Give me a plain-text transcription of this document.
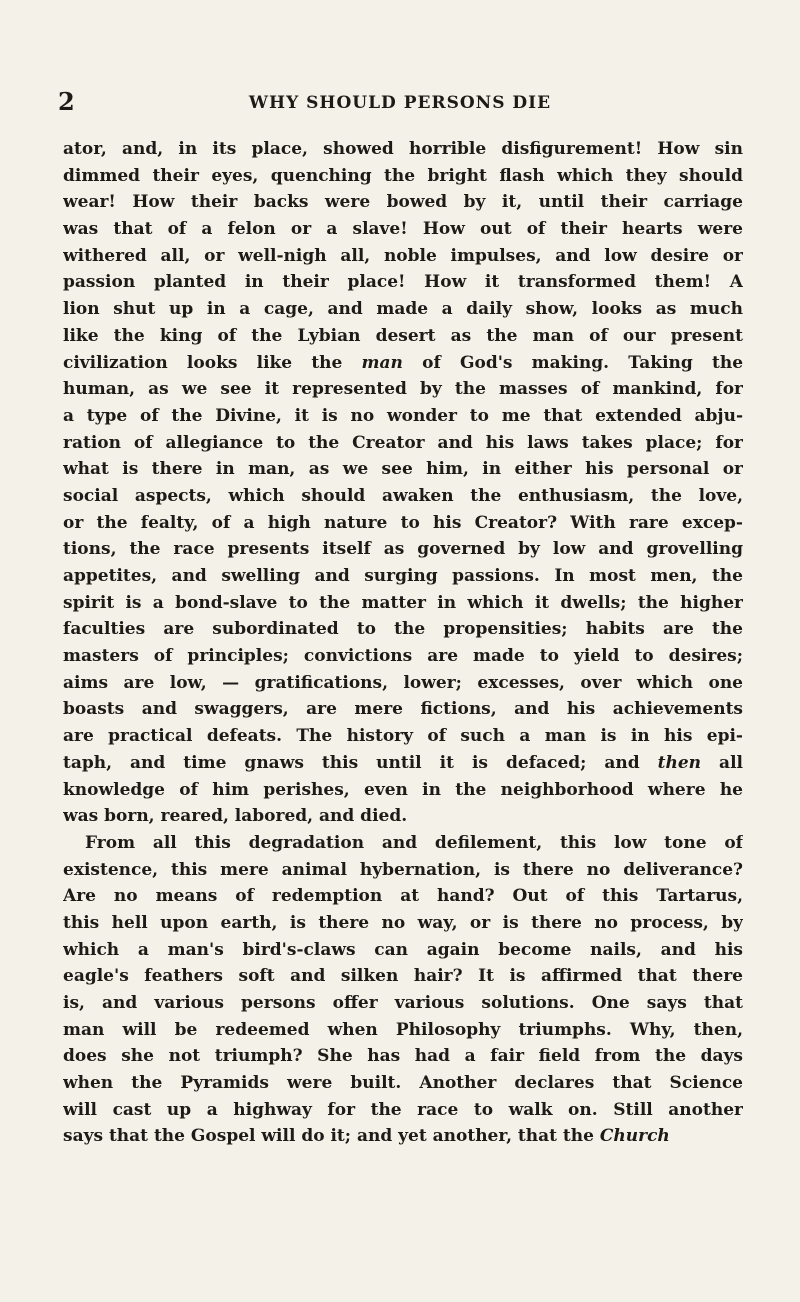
2	WHY SHOULD PERSONS DIE
ator, and, in its place, showed horrible disfigurement! How sin
dimmed their eyes, quenching the bright flash which they should
wear! How their backs were bowed by it, until their carriage
was that of a felon or a slave! How out of their hearts were
withered all, or well-nigh all, noble impulses, and low desire or
passion planted in their place! How it transformed them! A
lion shut up in a cage, and made a daily show, looks as much
like the king of the Lybian desert as the man of our present
civilization looks like the man of God's making. Taking the
human, as we see it represented by the masses of mankind, for
a type of the Divine, it is no wonder to me that extended abju-
ration of allegiance to the Creator and his laws takes place; for
what is there in man, as we see him, in either his personal or
social aspects, which should awaken the enthusiasm, the love,
or the fealty, of a high nature to his Creator? With rare excep-
tions, the race presents itself as governed by low and grovelling
appetites, and swelling and surging passions. In most men, the
spirit is a bond-slave to the matter in which it dwells; the higher
faculties are subordinated to the propensities; habits are the
masters of principles; convictions are made to yield to desires;
aims are low, — gratifications, lower; excesses, over which one
boasts and swaggers, are mere fictions, and his achievements
are practical defeats. The history of such a man is in his epi-
taph, and time gnaws this until it is defaced; and then all
knowledge of him perishes, even in the neighborhood where he
was born, reared, labored, and died.
From all this degradation and defilement, this low tone of
existence, this mere animal hybernation, is there no deliverance?
Are no means of redemption at hand? Out of this Tartarus,
this hell upon earth, is there no way, or is there no process, by
which a man's bird's-claws can again become nails, and his
eagle's feathers soft and silken hair? It is affirmed that there
is, and various persons offer various solutions. One says that
man will be redeemed when Philosophy triumphs. Why, then,
does she not triumph? She has had a fair field from the days
when the Pyramids were built. Another declares that Science
will cast up a highway for the race to walk on. Still another
says that the Gospel will do it; and yet another, that the Church
